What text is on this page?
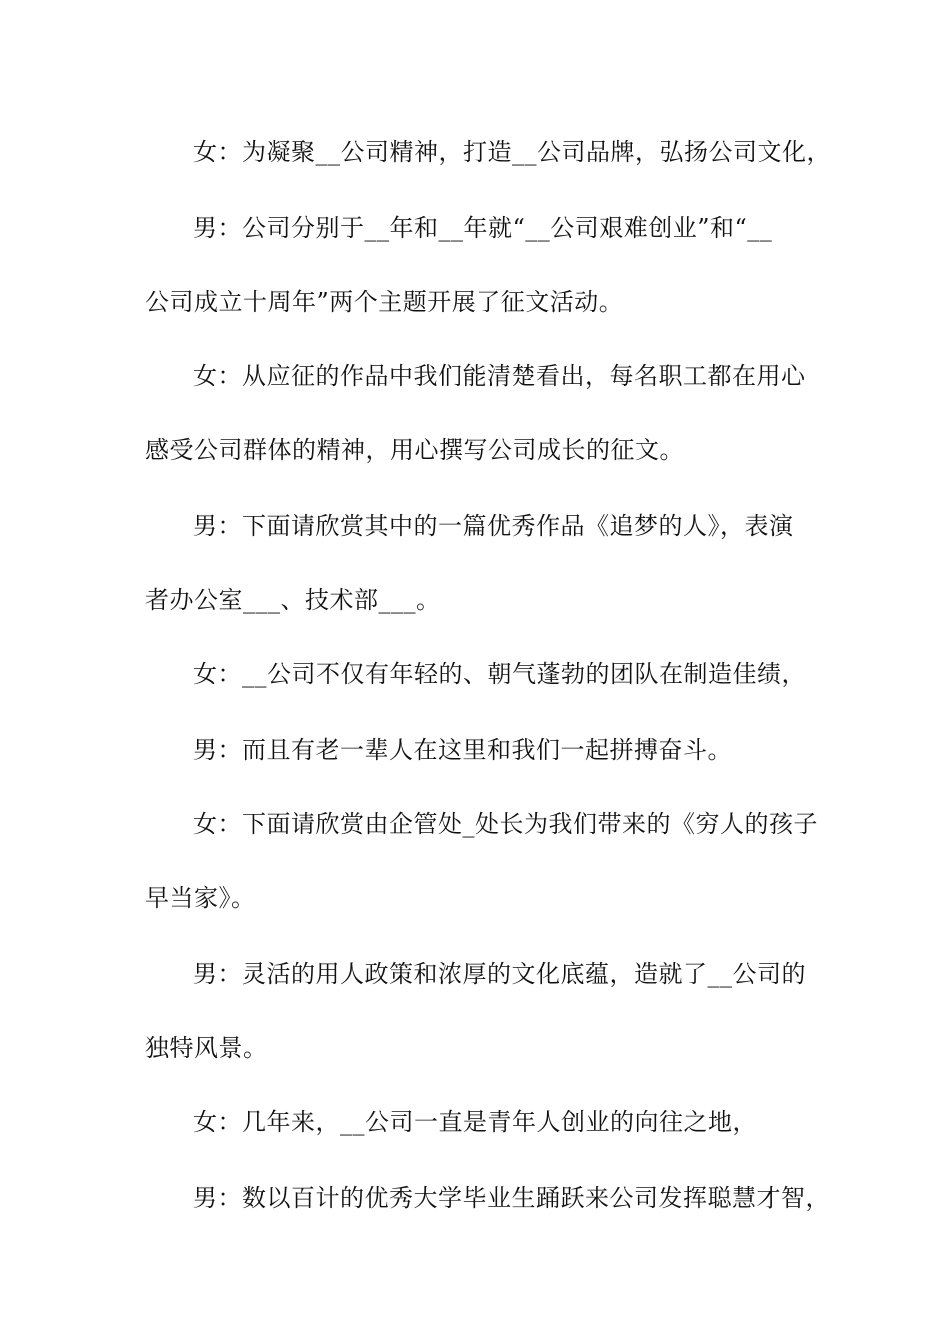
女：为凝聚__公司精神，打造__公司品牌，弘扬公司文化，
男：公司分别于__年和__年就“__公司艰难创业”和“__
公司成立十周年”两个主题开展了征文活动。
女：从应征的作品中我们能清楚看出，每名职工都在用心
感受公司群体的精神，用心撰写公司成长的征文。
男：下面请欣赏其中的一篇优秀作品《追梦的人》，表演
者办公室___、技术部___。
女：__公司不仅有年轻的、朝气蓬勃的团队在制造佳绩，
男：而且有老一辈人在这里和我们一起拼搏奋斗。
女：下面请欣赏由企管处_处长为我们带来的《穷人的孩子
早当家》。
男：灵活的用人政策和浓厚的文化底蕴，造就了__公司的
独特风景。
女：几年来，__公司一直是青年人创业的向往之地，
男：数以百计的优秀大学毕业生踊跃来公司发挥聪慧才智，
